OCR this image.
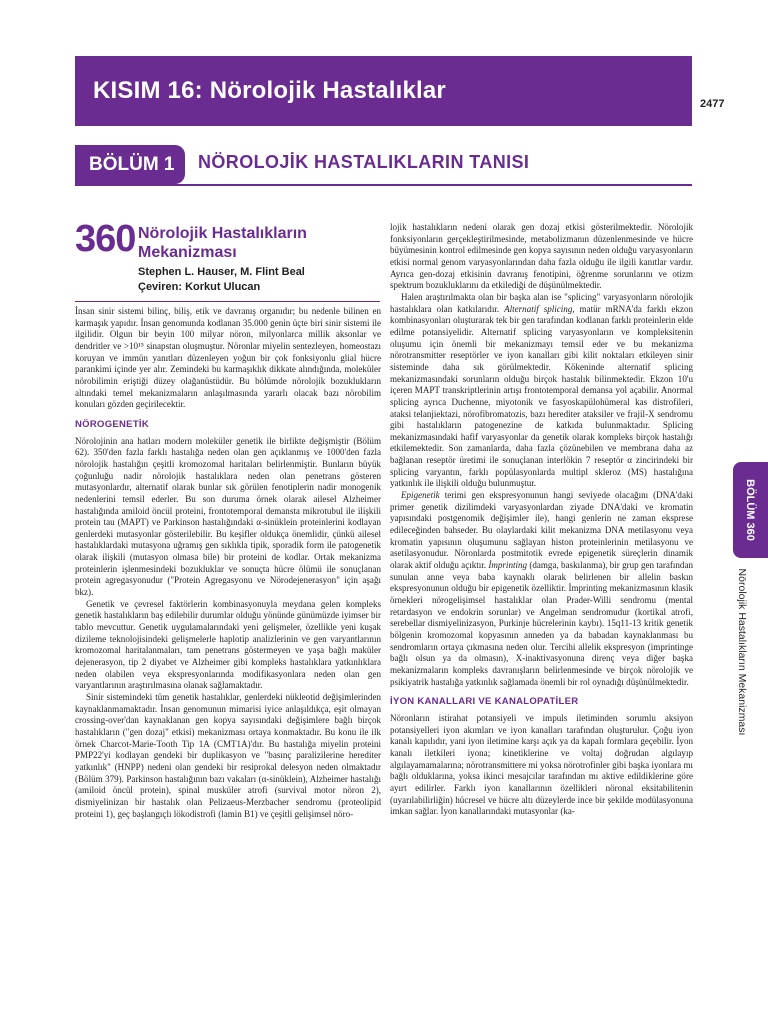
KISIM 16: Nörolojik Hastalıklar	2477
BÖLÜM 1 NÖROLOJİK HASTALIKLARIN TANISI
360 Nörolojik Hastalıkların Mekanizması
Stephen L. Hauser, M. Flint Beal
Çeviren: Korkut Ulucan

İnsan sinir sistemi bilinç, biliş, etik ve davranış organıdır; bu nedenle bilinen en karmaşık yapıdır. İnsan genomunda kodlanan 35.000 genin üçte biri sinir sistemi ile ilgilidir. Olgun bir beyin 100 milyar nöron, milyonlarca millik aksonlar ve dendritler ve >10¹⁵ sinapstan oluşmuştur. Nöronlar miyelin sentezleyen, homeostazı koruyan ve immün yanıtları düzenleyen yoğun bir çok fonksiyonlu glial hücre parankimi içinde yer alır. Zemindeki bu karmaşıklık dikkate alındığında, moleküler nörobilimin eriştiği düzey olağanüstüdür. Bu bölümde nörolojik bozuklukların altındaki temel mekanizmaların anlaşılmasında yararlı olacak bazı nörobilim konuları gözden geçirilecektir.

NÖROGENETİK

Nörolojinin ana hatları modern moleküler genetik ile birlikte değişmiştir (Bölüm 62). 350'den fazla farklı hastalığa neden olan gen açıklanmış ve 1000'den fazla nörolojik hastalığın çeşitli kromozomal haritaları belirlenmiştir. Bunların büyük çoğunluğu nadir nörolojik hastalıklara neden olan penetrans gösteren mutasyonlardır, alternatif olarak bunlar sık görülen fenotiplerin nadir monogenik nedenlerini temsil ederler. Bu son duruma örnek olarak ailesel Alzheimer hastalığında amiloid öncül proteini, frontotemporal demansta mikrotubul ile ilişkili protein tau (MAPT) ve Parkinson hastalığındaki α-sinüklein proteinlerini kodlayan genlerdeki mutasyonlar gösterilebilir. Bu keşifler oldukça önemlidir, çünkü ailesel hastalıklardaki mutasyona uğramış gen sıklıkla tipik, sporadik form ile patogenetik olarak ilişkili (mutasyon olmasa bile) bir proteini de kodlar. Ortak mekanizma proteinlerin işlenmesindeki bozukluklar ve sonuçta hücre ölümü ile sonuçlanan protein agregasyonudur ("Protein Agregasyonu ve Nörodejenerasyon" için aşağı bkz).

Genetik ve çevresel faktörlerin kombinasyonuyla meydana gelen kompleks genetik hastalıkların baş edilebilir durumlar olduğu yönünde günümüzde iyimser bir tablo mevcuttur. Genetik uygulamalarındaki yeni gelişmeler, özellikle yeni kuşak dizileme teknolojisindeki gelişmelerle haplotip analizlerinin ve gen varyantlarının kromozomal haritalanmaları, tam penetrans göstermeyen ve yaşa bağlı maküler dejenerasyon, tip 2 diyabet ve Alzheimer gibi kompleks hastalıklara yatkınlıklara neden olabilen veya ekspresyonlarında modifikasyonlara neden olan gen varyantlarının araştırılmasına olanak sağlamaktadır.

Sinir sistemindeki tüm genetik hastalıklar, genlerdeki nükleotid değişimlerinden kaynaklanmamaktadır. İnsan genomunun mimarisi iyice anlaşıldıkça, eşit olmayan crossing-over'dan kaynaklanan gen kopya sayısındaki değişimlere bağlı birçok hastalıkların ("gen dozaj" etkisi) mekanizması ortaya konmaktadır. Bu konu ile ilk örnek Charcot-Marie-Tooth Tip 1A (CMT1A)'dır. Bu hastalığa miyelin proteini PMP22'yi kodlayan gendeki bir duplikasyon ve "basınç paralizilerine herediter yatkınlık" (HNPP) nedeni olan gendeki bir resiprokal delesyon neden olmaktadır (Bölüm 379). Parkinson hastalığının bazı vakaları (α-sinüklein), Alzheimer hastalığı (amiloid öncül protein), spinal musküler atrofi (survival motor nöron 2), dismiyelinizan bir hastalık olan Pelizaeus-Merzbacher sendromu (proteolipid proteini 1), geç başlangıçlı lökodistrofi (lamin B1) ve çeşitli gelişimsel nöro-

lojik hastalıkların nedeni olarak gen dozaj etkisi gösterilmektedir. Nörolojik fonksiyonların gerçekleştirilmesinde, metabolizmanın düzenlenmesinde ve hücre büyümesinin kontrol edilmesinde gen kopya sayısının neden olduğu varyasyonların etkisi normal genom varyasyonlarından daha fazla olduğu ile ilgili kanıtlar vardır. Ayrıca gen-dozaj etkisinin davranış fenotipini, öğrenme sorunlarını ve otizm spektrum bozukluklarını da etkilediği de düşünülmektedir.

Halen araştırılmakta olan bir başka alan ise "splicing" varyasyonların nörolojik hastalıklara olan katkılarıdır. Alternatif splicing, matür mRNA'da farklı ekzon kombinasyonları oluşturarak tek bir gen tarafından kodlanan farklı proteinlerin elde edilme potansiyelidir. Alternatif splicing varyasyonların ve kompleksitenin oluşumu için önemli bir mekanizmayı temsil eder ve bu mekanizma nörotransmitter reseptörler ve iyon kanalları gibi kilit noktaları etkileyen sinir sisteminde daha sık görülmektedir. Kökeninde alternatif splicing mekanizmasındaki sorunların olduğu birçok hastalık bilinmektedir. Ekzon 10'u içeren MAPT transkriptlerinin artışı frontotemporal demansa yol açabilir. Anormal splicing ayrıca Duchenne, miyotonik ve fasyoskapülohümeral kas distrofileri, ataksi telanjiektazi, nörofibromatozis, bazı herediter ataksiler ve frajil-X sendromu gibi hastalıkların patogenezine de katkıda bulunmaktadır. Splicing mekanizmasındaki hafif varyasyonlar da genetik olarak kompleks birçok hastalığı etkilemektedir. Son zamanlarda, daha fazla çözünebilen ve membrana daha az bağlanan reseptör üretimi ile sonuçlanan interlökin 7 reseptör α zincirindeki bir splicing varyantın, farklı popülasyonlarda multipl skleroz (MS) hastalığına yatkınlık ile ilişkili olduğu bulunmuştur.

Epigenetik terimi gen ekspresyonunun hangi seviyede olacağını (DNA'daki primer genetik dizilimdeki varyasyonlardan ziyade DNA'daki ve kromatin yapısındaki postgenomik değişimler ile), hangi genlerin ne zaman eksprese edileceğinden bahseder. Bu olaylardaki kilit mekanizma DNA metilasyonu veya kromatin yapısının oluşumunu sağlayan histon proteinlerinin metilasyonu ve asetilasyonudur. Nöronlarda postmitotik evrede epigenetik süreçlerin dinamik olarak aktif olduğu açıktır. İmprinting (damga, baskılanma), bir grup gen tarafından sunulan anne veya baba kaynaklı olarak belirlenen bir allelin baskın ekspresyonunun olduğu bir epigenetik özelliktir. İmprinting mekanizmasının klasik örnekleri nörogelişimsel hastalıklar olan Prader-Willi sendromu (mental retardasyon ve endokrin sorunlar) ve Angelman sendromudur (kortikal atrofi, serebellar dismiyelinizasyon, Purkinje hücrelerinin kaybı). 15q11-13 kritik genetik bölgenin kromozomal kopyasının anneden ya da babadan kaynaklanması bu sendromların ortaya çıkmasına neden olur. Tercihi allelik ekspresyon (imprintinge bağlı olsun ya da olmasın), X-inaktivasyonuna direnç veya diğer başka mekanizmaların kompleks davranışların belirlenmesinde ve birçok nörolojik ve psikiyatrik hastalığa yatkınlık sağlamada önemli bir rol oynadığı düşünülmektedir.

İYON KANALLARI VE KANALOPATİLER

Nöronların istirahat potansiyeli ve impuls iletiminden sorumlu aksiyon potansiyelleri iyon akımları ve iyon kanalları tarafından oluşturulur. Çoğu iyon kanalı kapılıdır, yani iyon iletimine karşı açık ya da kapalı formlara geçebilir. İyon kanalı iletkileri iyona; kinetiklerine ve voltaj doğrudan algılayıp algılayamamalarına; nörotransmittere mi yoksa nörotrofinler gibi başka iyonlara mı bağlı olduklarına, yoksa ikinci mesajcılar tarafından mı aktive edildiklerine göre ayırt edilirler. Farklı iyon kanallarının özellikleri nöronal eksitabilitenin (uyarılabilirliğin) hücresel ve hücre altı düzeylerde ince bir şekilde modülasyonuna imkan sağlar. İyon kanallarındaki mutasyonlar (ka-

BÖLÜM 360
Nörolojik Hastalıkların Mekanizması
